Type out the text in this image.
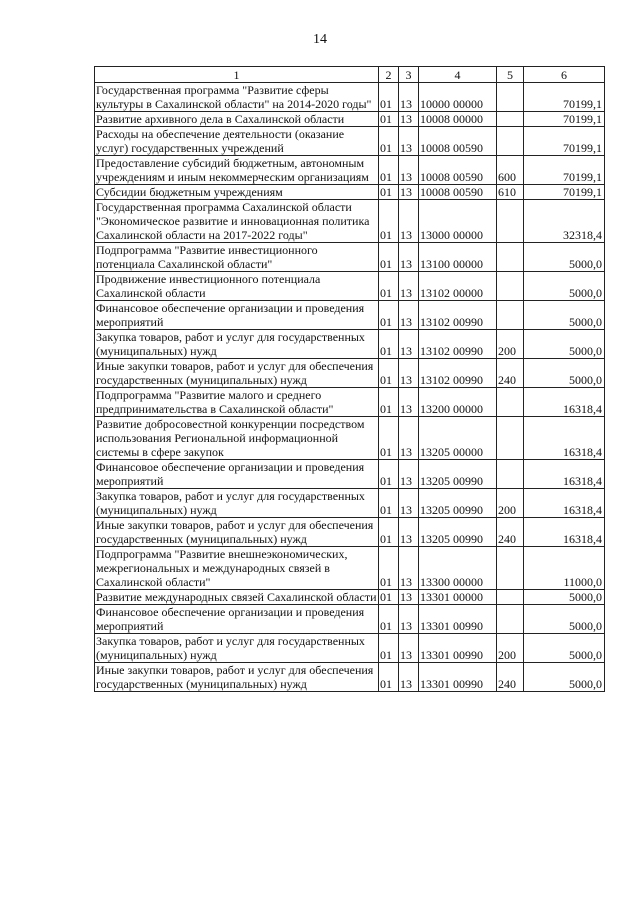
14
1	2	3	4	5	6
Государственная программа "Развитие сферы культуры в Сахалинской области" на 2014-2020 годы"	01	13	10000 00000		70199,1
Развитие архивного дела в Сахалинской области	01	13	10008 00000		70199,1
Расходы на обеспечение деятельности (оказание услуг) государственных учреждений	01	13	10008 00590		70199,1
Предоставление субсидий бюджетным, автономным учреждениям и иным некоммерческим организациям	01	13	10008 00590	600	70199,1
Субсидии бюджетным учреждениям	01	13	10008 00590	610	70199,1
Государственная программа Сахалинской области "Экономическое развитие и инновационная политика Сахалинской области на 2017-2022 годы"	01	13	13000 00000		32318,4
Подпрограмма "Развитие инвестиционного потенциала Сахалинской области"	01	13	13100 00000		5000,0
Продвижение инвестиционного потенциала Сахалинской области	01	13	13102 00000		5000,0
Финансовое обеспечение организации и проведения мероприятий	01	13	13102 00990		5000,0
Закупка товаров, работ и услуг для государственных (муниципальных) нужд	01	13	13102 00990	200	5000,0
Иные закупки товаров, работ и услуг для обеспечения государственных (муниципальных) нужд	01	13	13102 00990	240	5000,0
Подпрограмма "Развитие малого и среднего предпринимательства в Сахалинской области"	01	13	13200 00000		16318,4
Развитие добросовестной конкуренции посредством использования Региональной информационной системы в сфере закупок	01	13	13205 00000		16318,4
Финансовое обеспечение организации и проведения мероприятий	01	13	13205 00990		16318,4
Закупка товаров, работ и услуг для государственных (муниципальных) нужд	01	13	13205 00990	200	16318,4
Иные закупки товаров, работ и услуг для обеспечения государственных (муниципальных) нужд	01	13	13205 00990	240	16318,4
Подпрограмма "Развитие внешнеэкономических, межрегиональных и международных связей в Сахалинской области"	01	13	13300 00000		11000,0
Развитие международных связей Сахалинской области	01	13	13301 00000		5000,0
Финансовое обеспечение организации и проведения мероприятий	01	13	13301 00990		5000,0
Закупка товаров, работ и услуг для государственных (муниципальных) нужд	01	13	13301 00990	200	5000,0
Иные закупки товаров, работ и услуг для обеспечения государственных (муниципальных) нужд	01	13	13301 00990	240	5000,0
